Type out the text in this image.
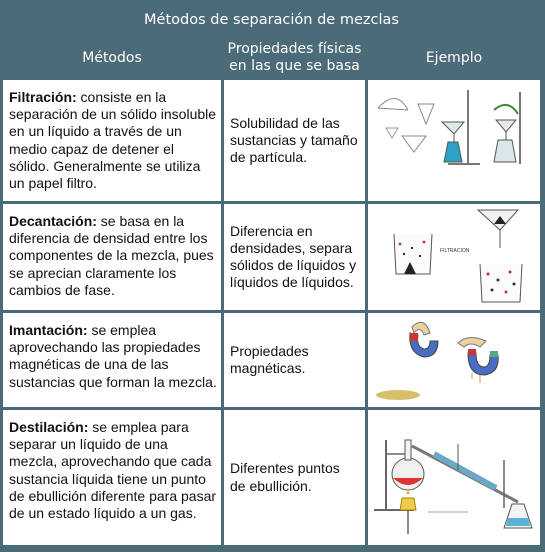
Métodos de separación de mezclas
Métodos
Propiedades físicas en las que se basa
Ejemplo
Filtración: consiste en la separación de un sólido insoluble en un líquido a través de un medio capaz de detener el sólido. Generalmente se utiliza un papel filtro.
Solubilidad de las sustancias y tamaño de partícula.
Decantación: se basa en la diferencia de densidad entre los componentes de la mezcla, pues se aprecian claramente los cambios de fase.
Diferencia en densidades, separa sólidos de líquidos y líquidos de líquidos.
FILTRACION
Imantación: se emplea aprovechando las propiedades magnéticas de una de las sustancias que forman la mezcla.
Propiedades magnéticas.
Destilación: se emplea para separar un líquido de una mezcla, aprovechando que cada sustancia líquida tiene un punto de ebullición diferente para pasar de un estado líquido a un gas.
Diferentes puntos de ebullición.
